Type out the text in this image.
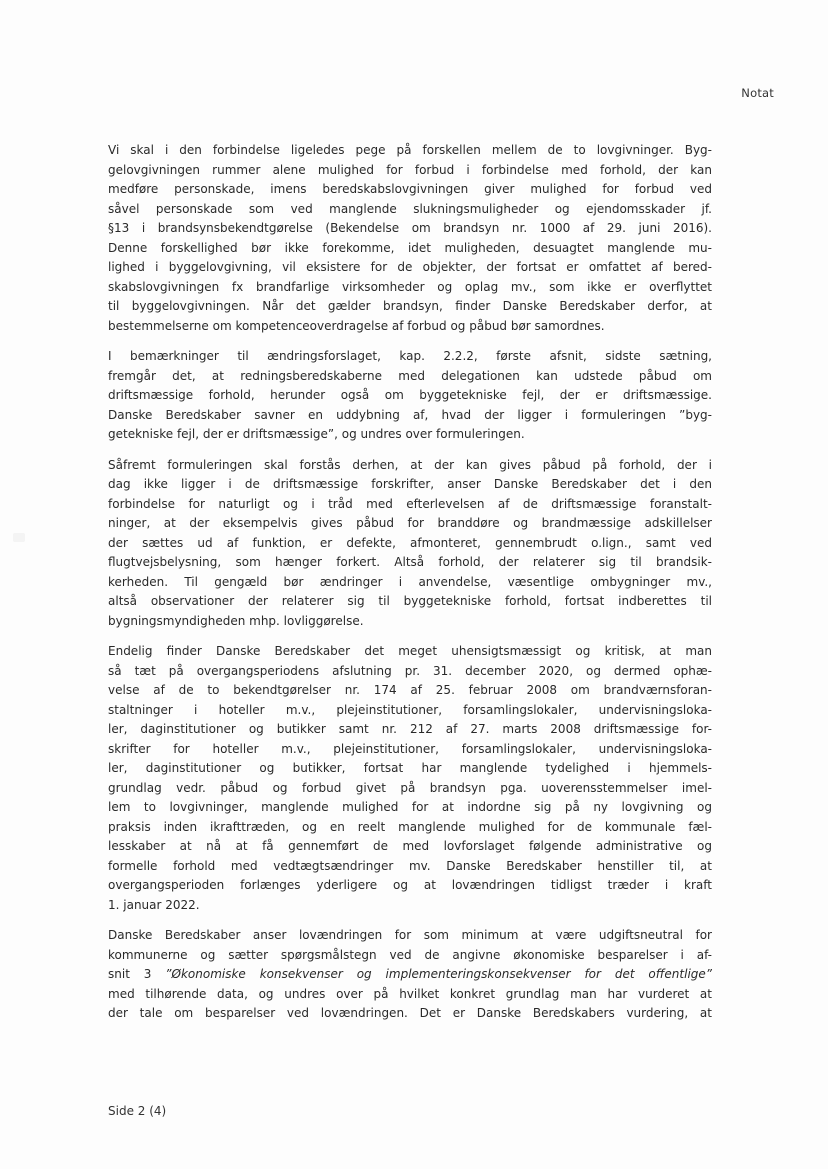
Notat
Vi skal i den forbindelse ligeledes pege på forskellen mellem de to lovgivninger. Byg-
gelovgivningen rummer alene mulighed for forbud i forbindelse med forhold, der kan
medføre personskade, imens beredskabslovgivningen giver mulighed for forbud ved
såvel personskade som ved manglende slukningsmuligheder og ejendomsskader jf.
§13 i brandsynsbekendtgørelse (Bekendelse om brandsyn nr. 1000 af 29. juni 2016).
Denne forskellighed bør ikke forekomme, idet muligheden, desuagtet manglende mu-
lighed i byggelovgivning, vil eksistere for de objekter, der fortsat er omfattet af bered-
skabslovgivningen fx brandfarlige virksomheder og oplag mv., som ikke er overflyttet
til byggelovgivningen. Når det gælder brandsyn, finder Danske Beredskaber derfor, at
bestemmelserne om kompetenceoverdragelse af forbud og påbud bør samordnes.
I bemærkninger til ændringsforslaget, kap. 2.2.2, første afsnit, sidste sætning,
fremgår det, at redningsberedskaberne med delegationen kan udstede påbud om
driftsmæssige forhold, herunder også om byggetekniske fejl, der er driftsmæssige.
Danske Beredskaber savner en uddybning af, hvad der ligger i formuleringen ”byg-
getekniske fejl, der er driftsmæssige”, og undres over formuleringen.
Såfremt formuleringen skal forstås derhen, at der kan gives påbud på forhold, der i
dag ikke ligger i de driftsmæssige forskrifter, anser Danske Beredskaber det i den
forbindelse for naturligt og i tråd med efterlevelsen af de driftsmæssige foranstalt-
ninger, at der eksempelvis gives påbud for branddøre og brandmæssige adskillelser
der sættes ud af funktion, er defekte, afmonteret, gennembrudt o.lign., samt ved
flugtvejsbelysning, som hænger forkert. Altså forhold, der relaterer sig til brandsik-
kerheden. Til gengæld bør ændringer i anvendelse, væsentlige ombygninger mv.,
altså observationer der relaterer sig til byggetekniske forhold, fortsat indberettes til
bygningsmyndigheden mhp. lovliggørelse.
Endelig finder Danske Beredskaber det meget uhensigtsmæssigt og kritisk, at man
så tæt på overgangsperiodens afslutning pr. 31. december 2020, og dermed ophæ-
velse af de to bekendtgørelser nr. 174 af 25. februar 2008 om brandværnsforan-
staltninger i hoteller m.v., plejeinstitutioner, forsamlingslokaler, undervisningsloka-
ler, daginstitutioner og butikker samt nr. 212 af 27. marts 2008 driftsmæssige for-
skrifter for hoteller m.v., plejeinstitutioner, forsamlingslokaler, undervisningsloka-
ler, daginstitutioner og butikker, fortsat har manglende tydelighed i hjemmels-
grundlag vedr. påbud og forbud givet på brandsyn pga. uoverensstemmelser imel-
lem to lovgivninger, manglende mulighed for at indordne sig på ny lovgivning og
praksis inden ikrafttræden, og en reelt manglende mulighed for de kommunale fæl-
lesskaber at nå at få gennemført de med lovforslaget følgende administrative og
formelle forhold med vedtægtsændringer mv. Danske Beredskaber henstiller til, at
overgangsperioden forlænges yderligere og at lovændringen tidligst træder i kraft
1. januar 2022.
Danske Beredskaber anser lovændringen for som minimum at være udgiftsneutral for
kommunerne og sætter spørgsmålstegn ved de angivne økonomiske besparelser i af-
snit 3 ”Økonomiske konsekvenser og implementeringskonsekvenser for det offentlige”
med tilhørende data, og undres over på hvilket konkret grundlag man har vurderet at
der tale om besparelser ved lovændringen. Det er Danske Beredskabers vurdering, at
Side 2 (4)
